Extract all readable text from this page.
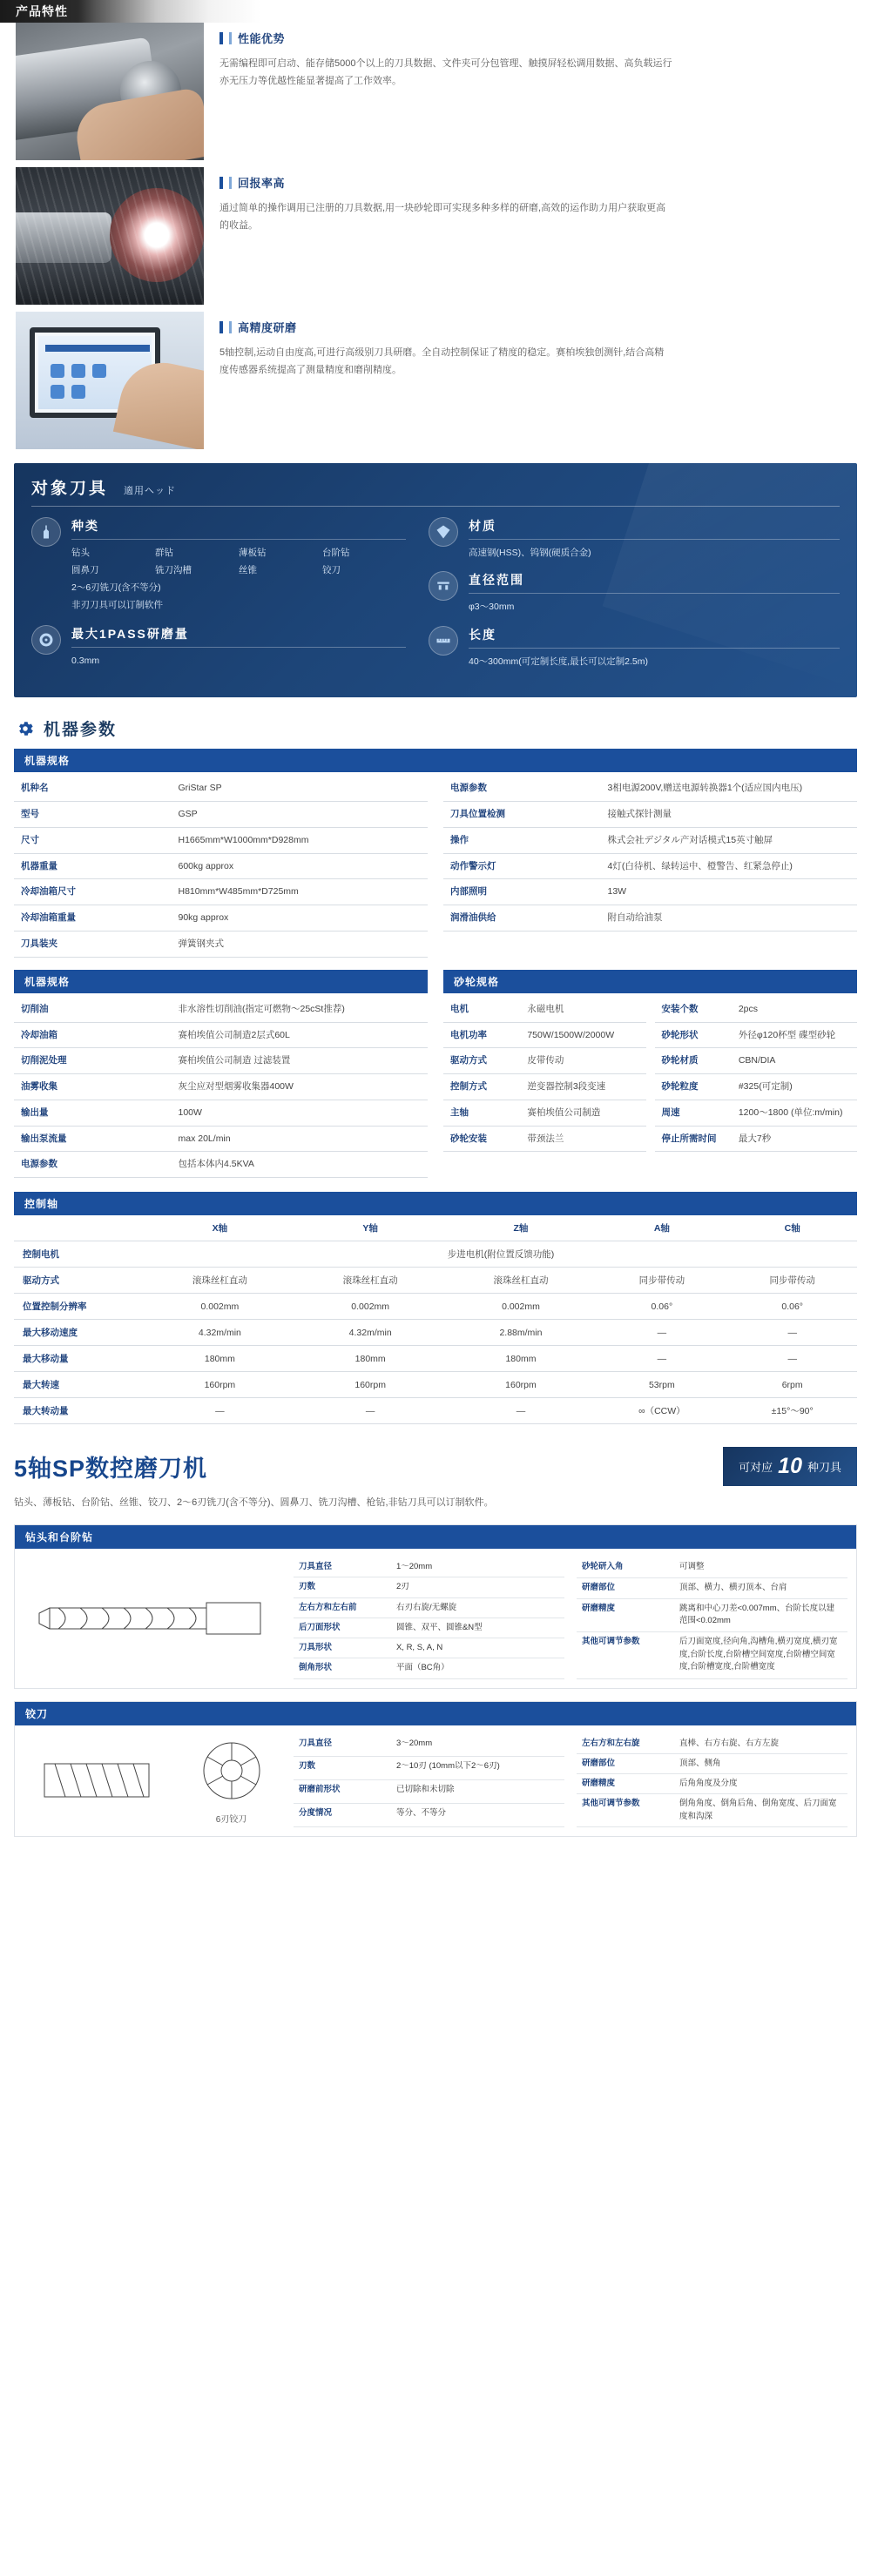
产品特性
性能优势
无需编程即可启动、能存储5000个以上的刀具数据、文件夹可分包管理、触摸屏轻松调用数据、高负载运行亦无压力等优越性能显著提高了工作效率。
回报率高
通过简单的操作调用已注册的刀具数据,用一块砂轮即可实现多种多样的研磨,高效的运作助力用户获取更高的收益。
高精度研磨
5轴控制,运动自由度高,可进行高级别刀具研磨。全自动控制保证了精度的稳定。赛柏埃独创测针,结合高精度传感器系统提高了测量精度和磨削精度。
对象刀具 適用ヘッド
种类
钻头	群钻	薄板钻	台阶钻
圆鼻刀	铣刀沟槽	丝锥	铰刀
2～6刃铣刀(含不等分)
非刃刀具可以订制软件
最大1PASS研磨量
0.3mm
材质
高速钢(HSS)、钨钢(硬质合金)
直径范围
φ3～30mm
长度
40～300mm(可定制长度,最长可以定制2.5m)
机器参数
机器规格
机种名	GriStar SP
型号	GSP
尺寸	H1665mm*W1000mm*D928mm
机器重量	600kg approx
冷却油箱尺寸	H810mm*W485mm*D725mm
冷却油箱重量	90kg approx
刀具装夹	弹簧钢夹式
电源参数	3相电源200V,赠送电源转换器1个(适应国内电压)
刀具位置检测	接触式探针测量
操作	株式会社デジタル产对话模式15英寸触屏
动作警示灯	4灯(白待机、绿转运中、橙警告、红紧急停止)
内部照明	13W
润滑油供给	附自动给油泵
机器规格
切削油	非水溶性切削油(指定可燃物～25cSt推荐)
冷却油箱	赛柏埃值公司制造2层式60L
切削泥处理	赛柏埃值公司制造 过滤装置
油雾收集	灰尘应对型烟雾收集器400W
输出量	100W
输出泵流量	max 20L/min
电源参数	包括本体内4.5KVA
砂轮规格
电机	永磁电机
电机功率	750W/1500W/2000W
驱动方式	皮带传动
控制方式	逆变器控制3段变速
主轴	赛柏埃值公司制造
砂轮安装	带颈法兰
安装个数	2pcs
砂轮形状	外径φ120杯型 碟型砂轮
砂轮材质	CBN/DIA
砂轮粒度	#325(可定制)
周速	1200～1800 (单位:m/min)
停止所需时间	最大7秒
控制轴
	X轴	Y轴	Z轴	A轴	C轴
控制电机	步进电机(附位置反馈功能)				
驱动方式	滚珠丝杠直动	滚珠丝杠直动	滚珠丝杠直动	同步带传动	同步带传动
位置控制分辨率	0.002mm	0.002mm	0.002mm	0.06°	0.06°
最大移动速度	4.32m/min	4.32m/min	2.88m/min	—	—
最大移动量	180mm	180mm	180mm	—	—
最大转速	160rpm	160rpm	160rpm	53rpm	6rpm
最大转动量	—	—	—	∞（CCW）	±15°～90°
5轴SP数控磨刀机	可对应 10 种刀具
钻头、薄板钻、台阶钻、丝锥、铰刀、2～6刃铣刀(含不等分)、圆鼻刀、铣刀沟槽、枪钻,非钻刀具可以订制软件。
钻头和台阶钻
刀具直径	1～20mm
刃数	2刃
左右方和左右前	右刃右旋/无螺旋
后刀面形状	圆锥、双平、圆锥&N型
刀具形状	X, R, S, A, N
倒角形状	平面（BC角）
砂轮研入角	可调整
研磨部位	顶部、横力、横刃顶本、台肩
研磨精度	跳离和中心刀差<0.007mm、台阶长度以建范围<0.02mm
其他可调节参数	后刀面宽度,径向角,沟槽角,横刃宽度,横刃宽度,台阶长度,台阶槽空间宽度,台阶槽空间宽度,台阶槽宽度,台阶槽宽度
铰刀
6刃铰刀
刀具直径	3～20mm
刃数	2～10刃 (10mm以下2～6刃)
研磨前形状	已切除和未切除
分度情况	等分、不等分
左右方和左右旋	直棒、右方右旋、右方左旋
研磨部位	顶部、侧角
研磨精度	后角角度及分度
其他可调节参数	倒角角度、倒角后角、倒角宽度、后刀面宽度和沟深
